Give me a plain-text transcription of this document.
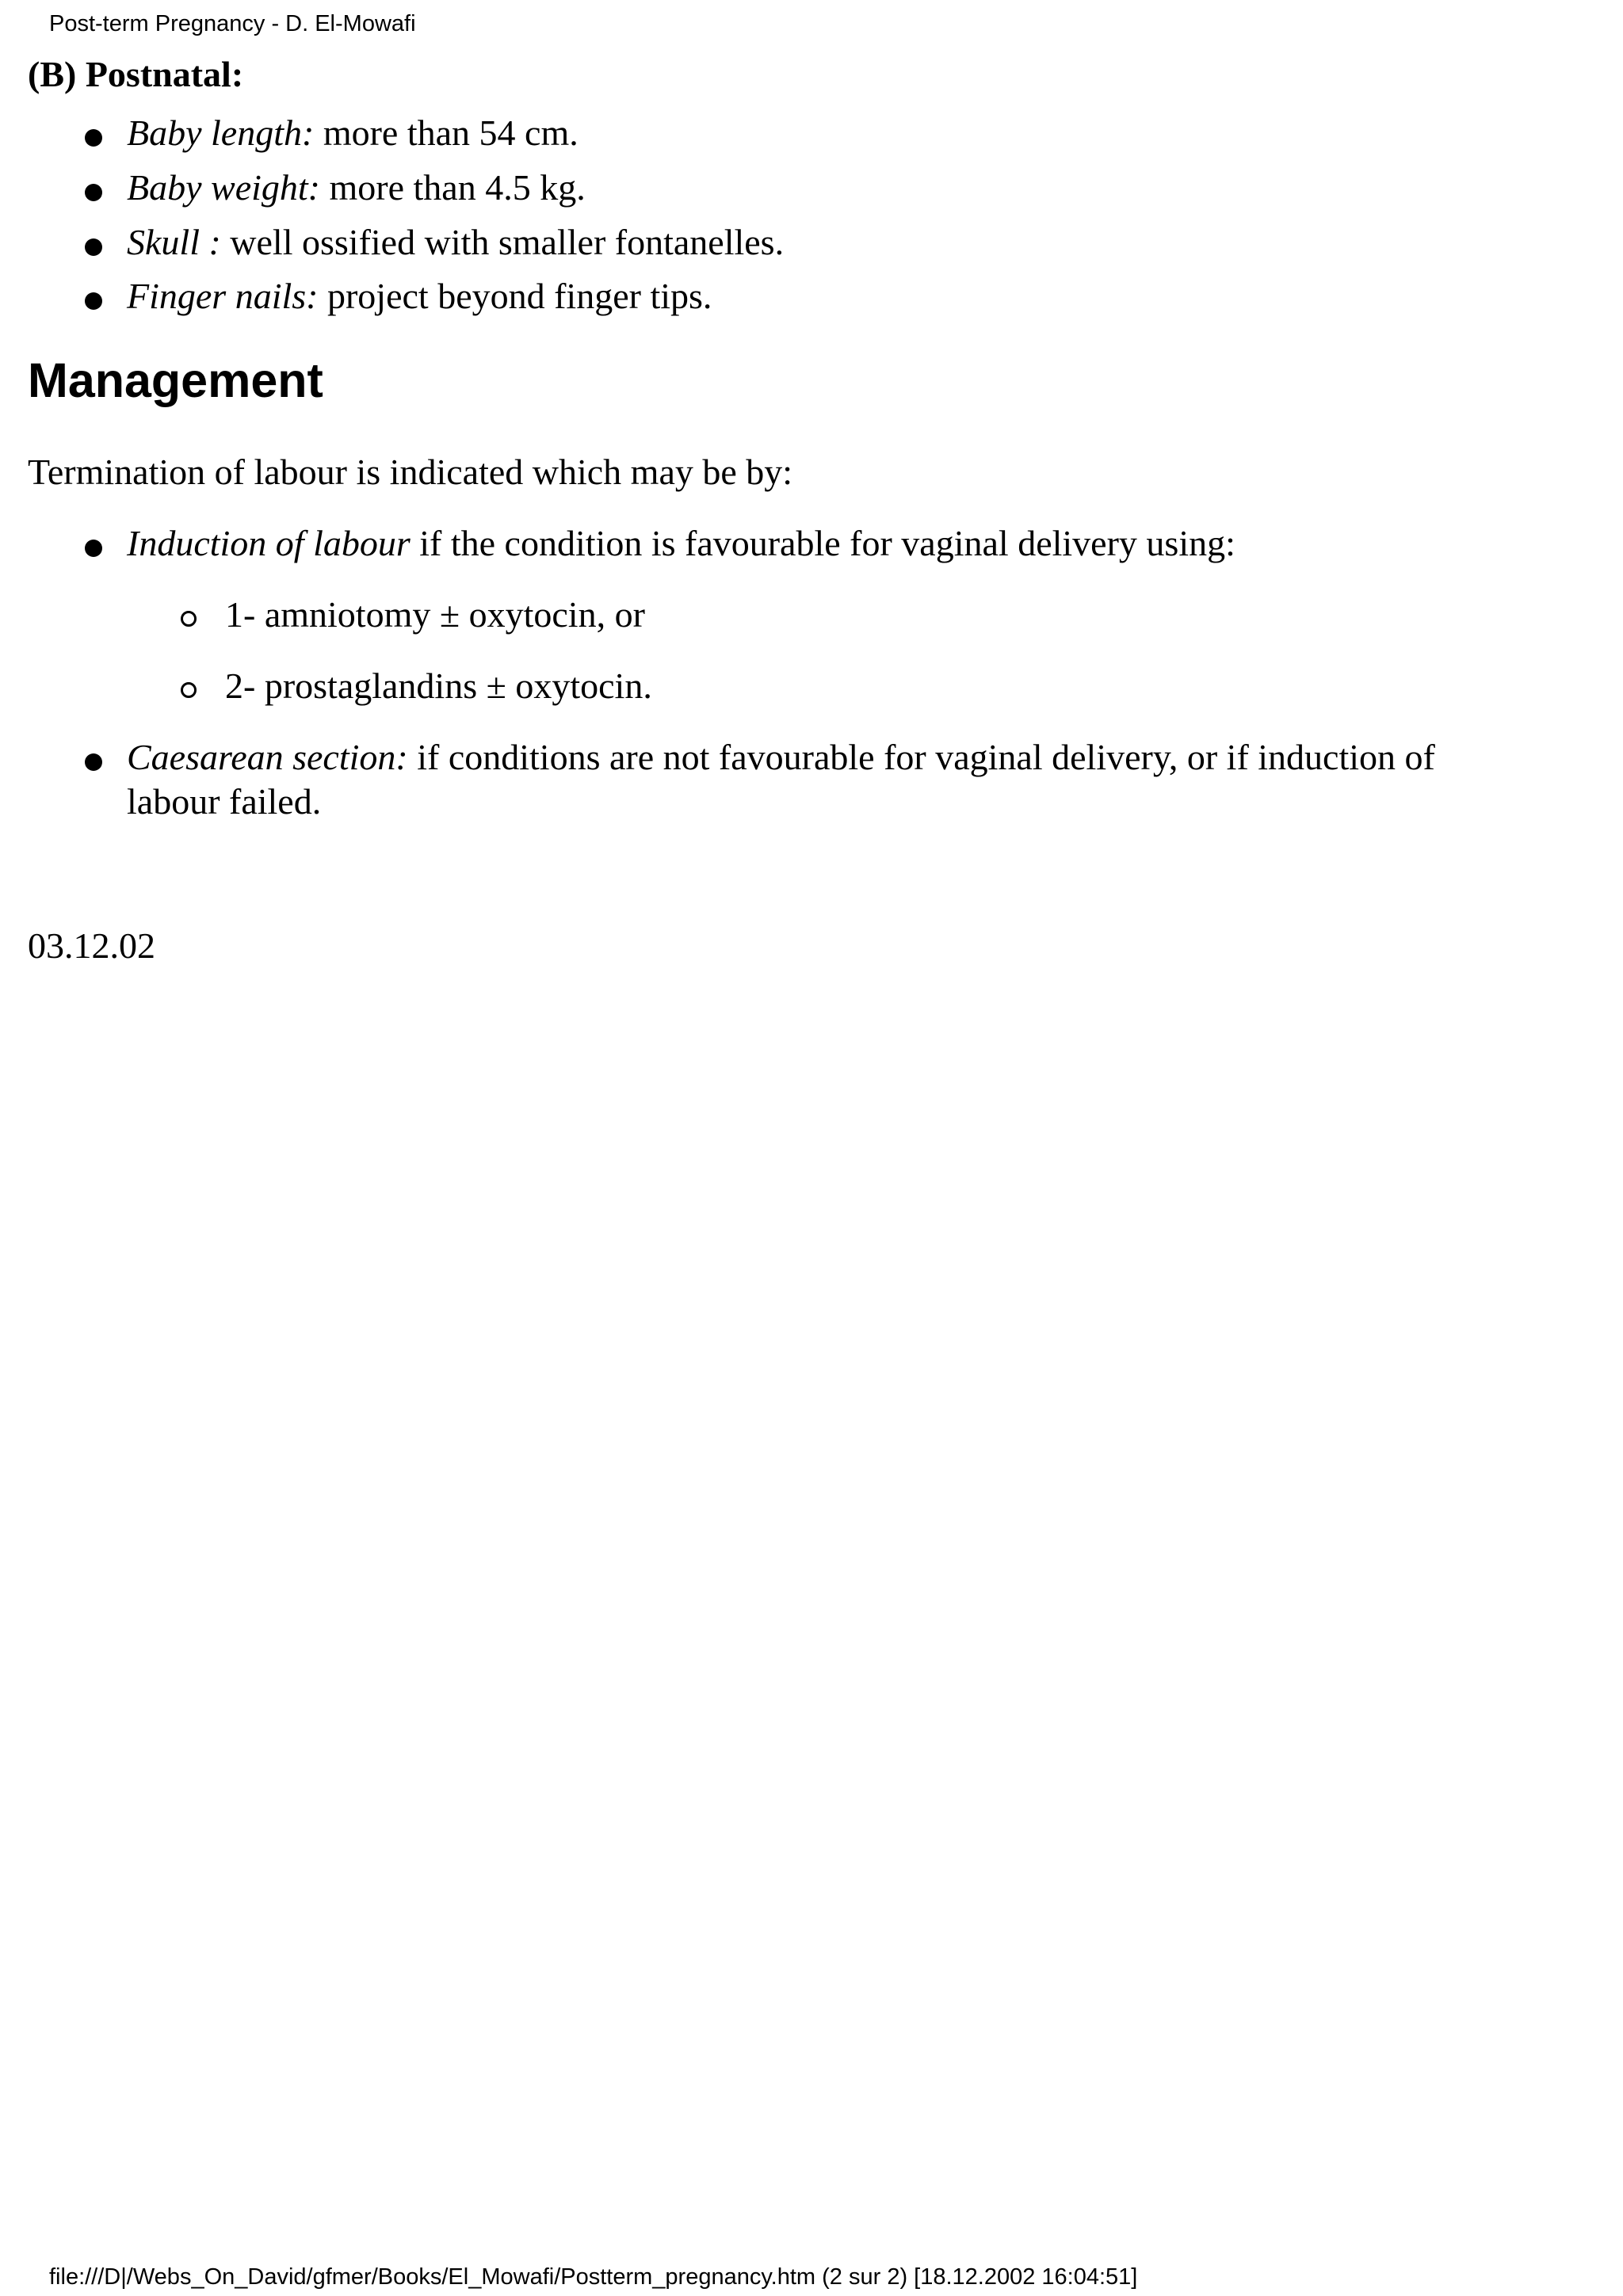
Post-term Pregnancy - D. El-Mowafi
(B) Postnatal:
Baby length: more than 54 cm.
Baby weight: more than 4.5 kg.
Skull : well ossified with smaller fontanelles.
Finger nails: project beyond finger tips.
Management
Termination of labour is indicated which may be by:
Induction of labour if the condition is favourable for vaginal delivery using:
1- amniotomy ± oxytocin, or
2- prostaglandins ± oxytocin.
Caesarean section: if conditions are not favourable for vaginal delivery, or if induction of labour failed.
03.12.02
file:///D|/Webs_On_David/gfmer/Books/El_Mowafi/Postterm_pregnancy.htm (2 sur 2) [18.12.2002 16:04:51]
